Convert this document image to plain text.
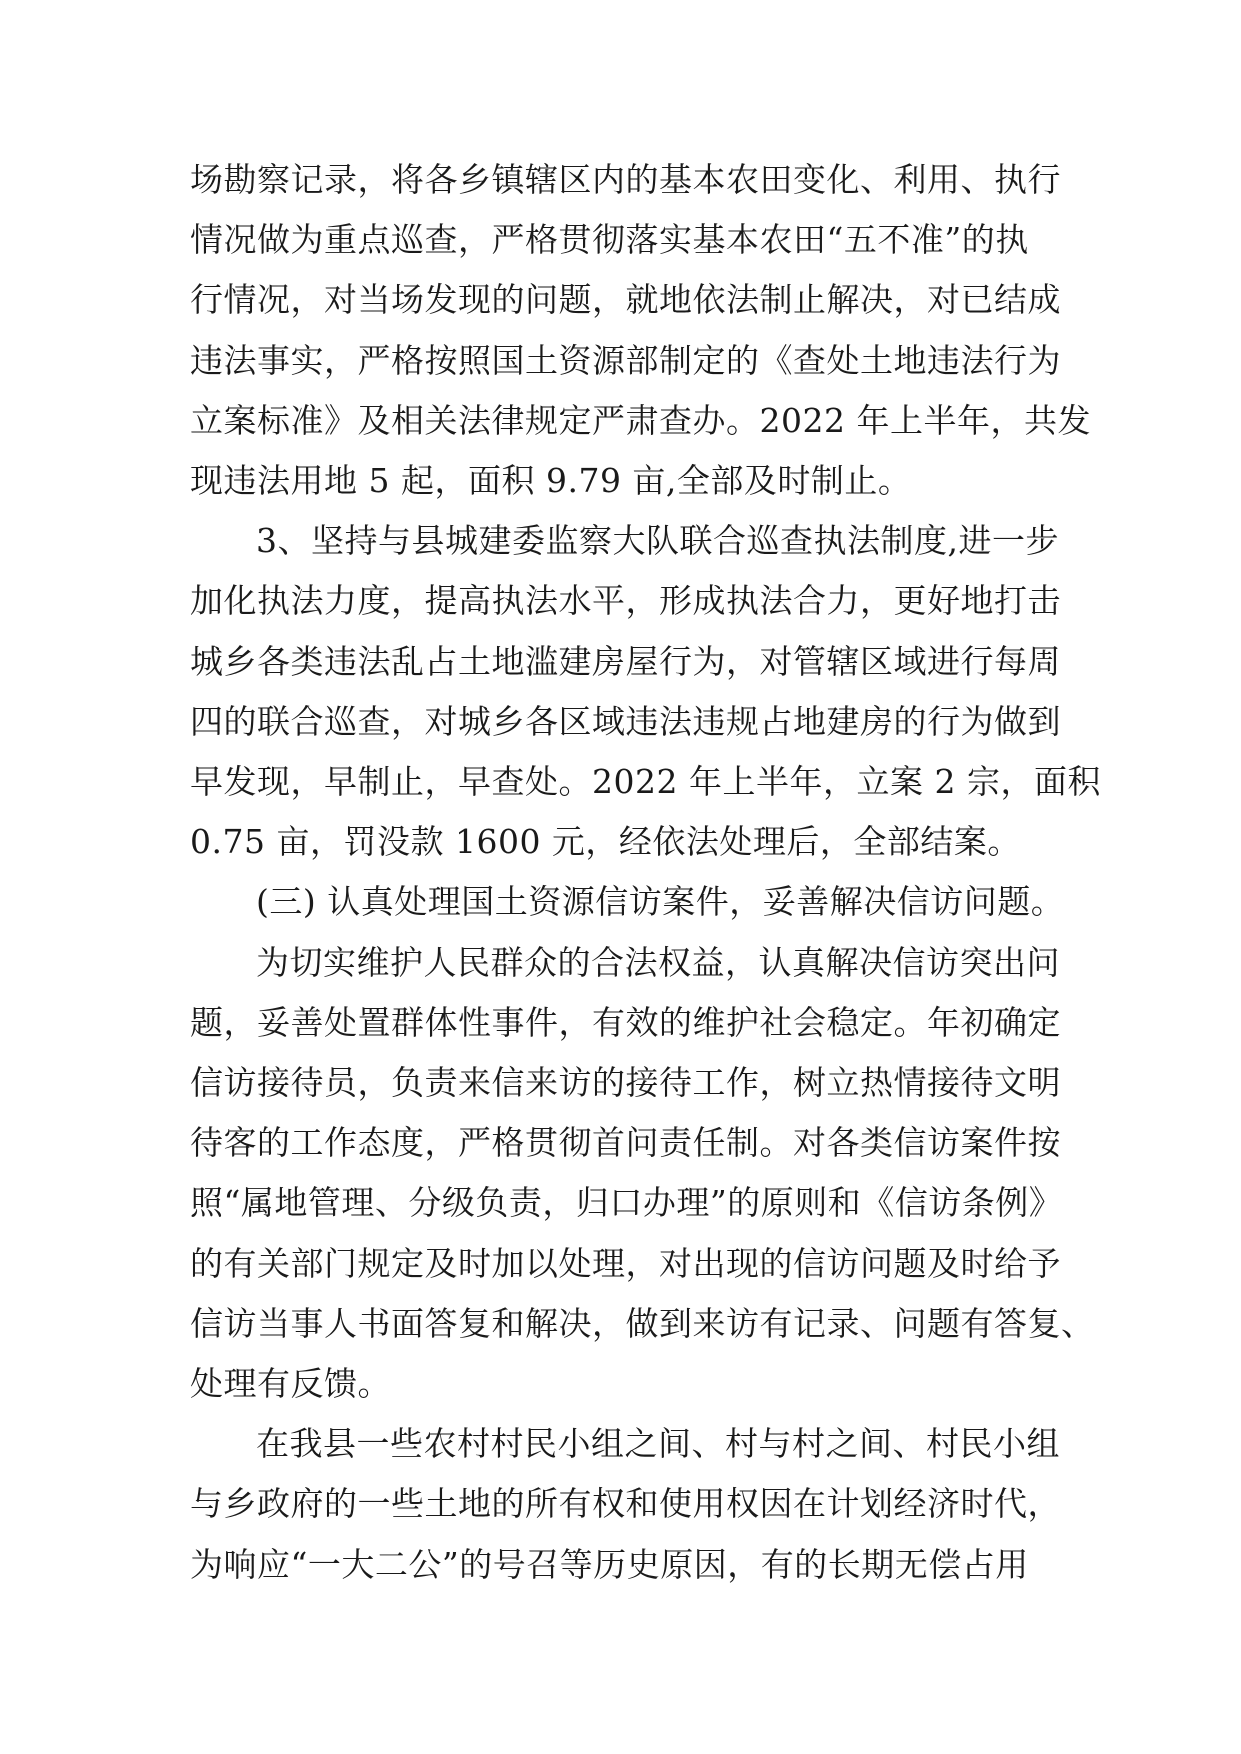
场勘察记录，将各乡镇辖区内的基本农田变化、利用、执行
情况做为重点巡查，严格贯彻落实基本农田“五不准”的执
行情况，对当场发现的问题，就地依法制止解决，对已结成
违法事实，严格按照国土资源部制定的《查处土地违法行为
立案标准》及相关法律规定严肃查办。2022 年上半年，共发
现违法用地 5 起，面积 9.79 亩,全部及时制止。

3、坚持与县城建委监察大队联合巡查执法制度,进一步
加化执法力度，提高执法水平，形成执法合力，更好地打击
城乡各类违法乱占土地滥建房屋行为，对管辖区域进行每周
四的联合巡查，对城乡各区域违法违规占地建房的行为做到
早发现，早制止，早查处。2022 年上半年，立案 2 宗，面积
0.75 亩，罚没款 1600 元，经依法处理后，全部结案。

(三) 认真处理国土资源信访案件，妥善解决信访问题。

为切实维护人民群众的合法权益，认真解决信访突出问
题，妥善处置群体性事件，有效的维护社会稳定。年初确定
信访接待员，负责来信来访的接待工作，树立热情接待文明
待客的工作态度，严格贯彻首问责任制。对各类信访案件按
照“属地管理、分级负责，归口办理”的原则和《信访条例》
的有关部门规定及时加以处理，对出现的信访问题及时给予
信访当事人书面答复和解决，做到来访有记录、问题有答复、
处理有反馈。

在我县一些农村村民小组之间、村与村之间、村民小组
与乡政府的一些土地的所有权和使用权因在计划经济时代，
为响应“一大二公”的号召等历史原因，有的长期无偿占用
